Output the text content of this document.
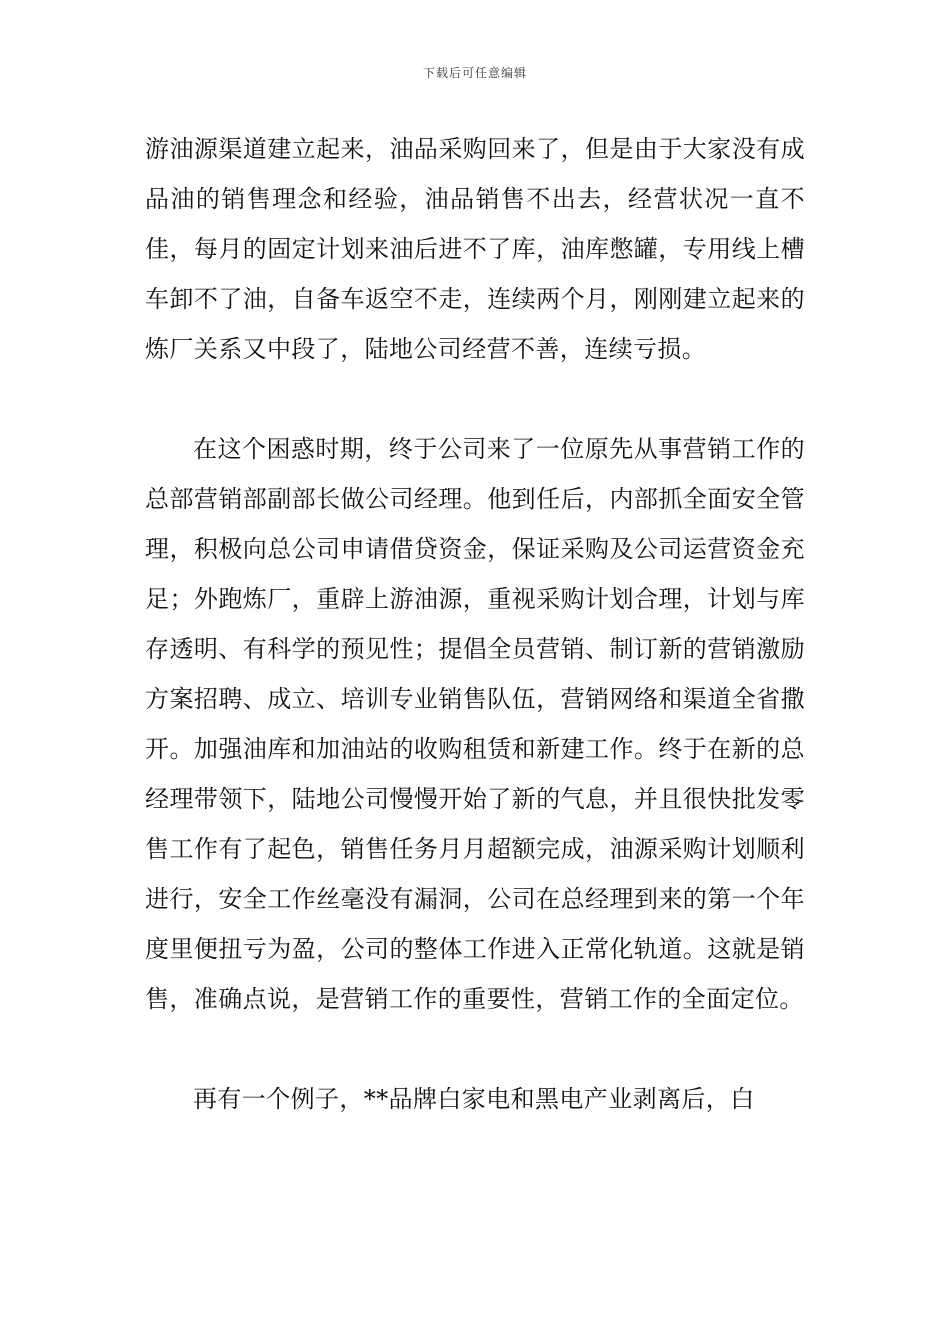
下载后可任意编辑

游油源渠道建立起来，油品采购回来了，但是由于大家没有成品油的销售理念和经验，油品销售不出去，经营状况一直不佳，每月的固定计划来油后进不了库，油库憋罐，专用线上槽车卸不了油，自备车返空不走，连续两个月，刚刚建立起来的炼厂关系又中段了，陆地公司经营不善，连续亏损。

在这个困惑时期，终于公司来了一位原先从事营销工作的总部营销部副部长做公司经理。他到任后，内部抓全面安全管理，积极向总公司申请借贷资金，保证采购及公司运营资金充足；外跑炼厂，重辟上游油源，重视采购计划合理，计划与库存透明、有科学的预见性；提倡全员营销、制订新的营销激励方案招聘、成立、培训专业销售队伍，营销网络和渠道全省撒开。加强油库和加油站的收购租赁和新建工作。终于在新的总经理带领下，陆地公司慢慢开始了新的气息，并且很快批发零售工作有了起色，销售任务月月超额完成，油源采购计划顺利进行，安全工作丝毫没有漏洞，公司在总经理到来的第一个年度里便扭亏为盈，公司的整体工作进入正常化轨道。这就是销售，准确点说，是营销工作的重要性，营销工作的全面定位。

再有一个例子，**品牌白家电和黑电产业剥离后，白
